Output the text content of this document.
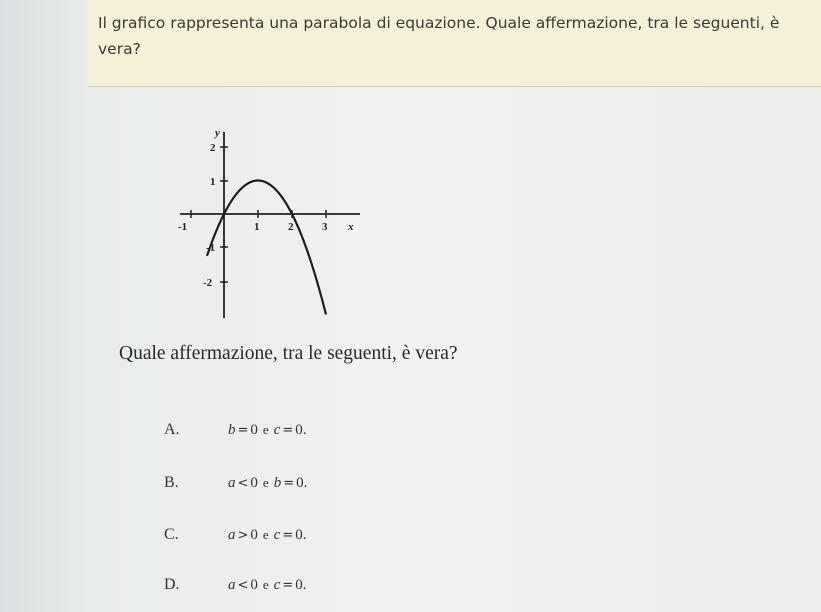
Il grafico rappresenta una parabola di equazione. Quale affermazione, tra le seguenti, è vera?
y
x
-1	1	2	3
2
1
-1
-2
Quale affermazione, tra le seguenti, è vera?
A.	b = 0 e c = 0.
B.	a < 0 e b = 0.
C.	a > 0 e c = 0.
D.	a < 0 e c = 0.
